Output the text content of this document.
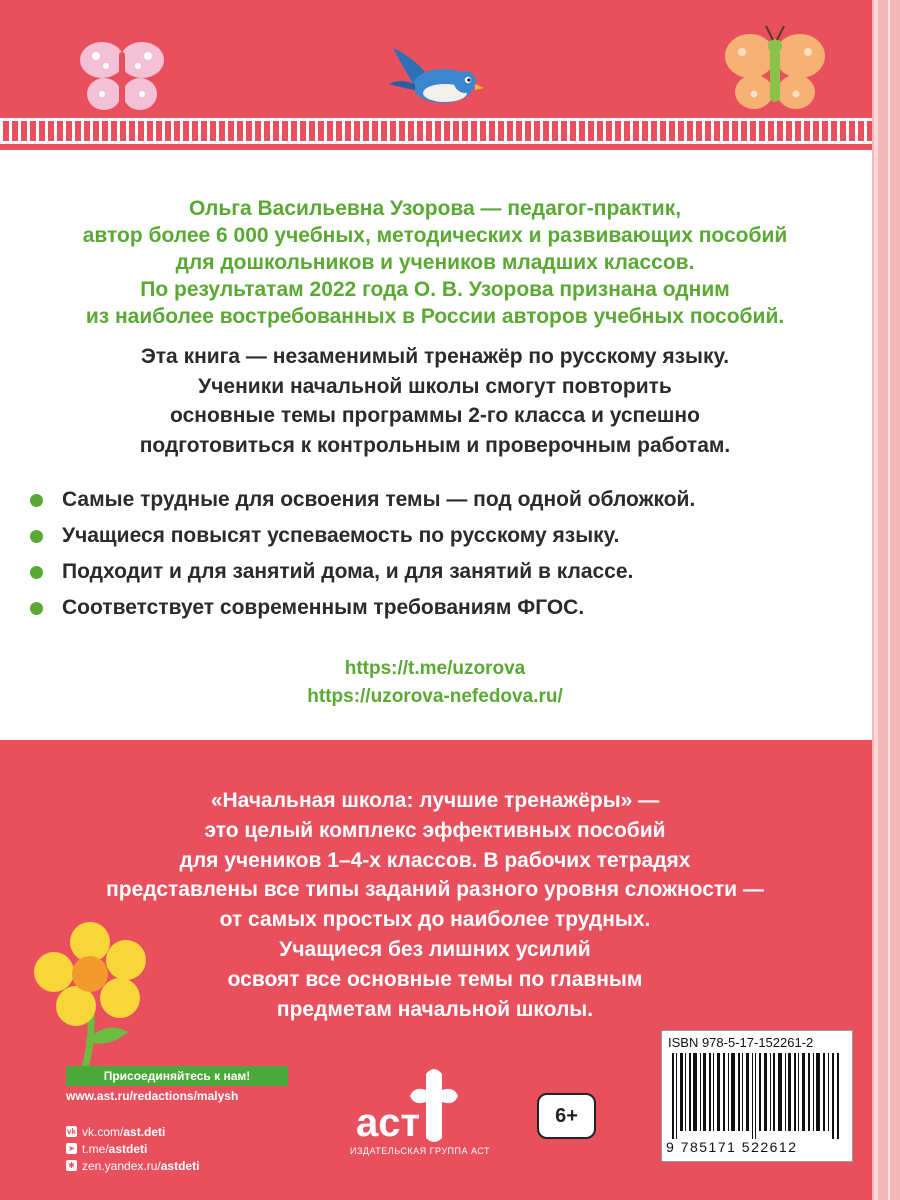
Ольга Васильевна Узорова — педагог-практик,
автор более 6 000 учебных, методических и развивающих пособий
для дошкольников и учеников младших классов.
По результатам 2022 года О. В. Узорова признана одним
из наиболее востребованных в России авторов учебных пособий.
Эта книга — незаменимый тренажёр по русскому языку.
Ученики начальной школы смогут повторить
основные темы программы 2-го класса и успешно
подготовиться к контрольным и проверочным работам.
Самые трудные для освоения темы — под одной обложкой.
Учащиеся повысят успеваемость по русскому языку.
Подходит и для занятий дома, и для занятий в классе.
Соответствует современным требованиям ФГОС.
https://t.me/uzorova
https://uzorova-nefedova.ru/
«Начальная школа: лучшие тренажёры» —
это целый комплекс эффективных пособий
для учеников 1–4-х классов. В рабочих тетрадях
представлены все типы заданий разного уровня сложности —
от самых простых до наиболее трудных.
Учащиеся без лишних усилий
освоят все основные темы по главным
предметам начальной школы.
Присоединяйтесь к нам!
www.ast.ru/redactions/malysh
vk vk.com/ ast.deti
➤ t.me/ astdeti
✱ zen.yandex.ru/ astdeti
аст
ИЗДАТЕЛЬСКАЯ ГРУППА АСТ
6+
ISBN 978-5-17-152261-2
9 785171 522612
